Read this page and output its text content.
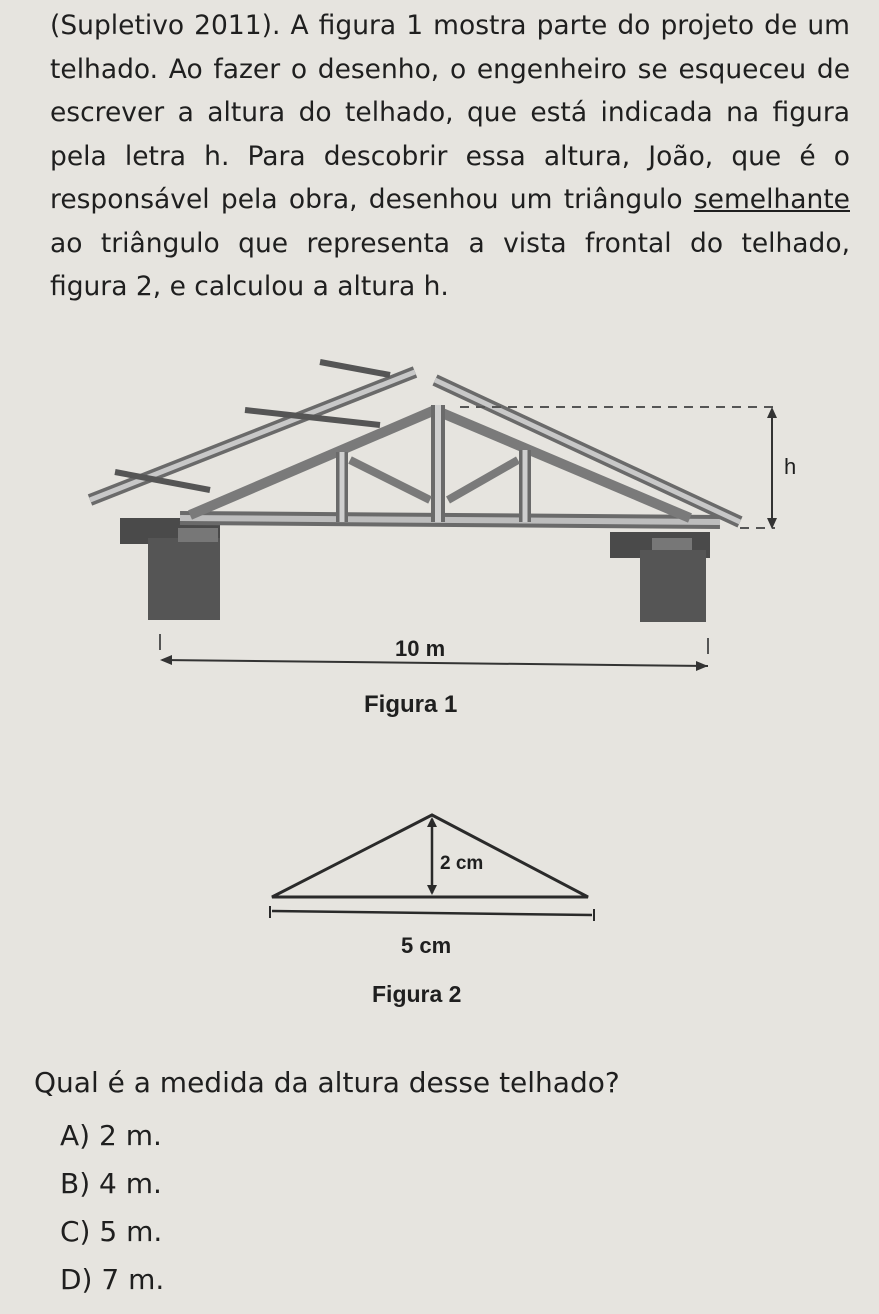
(Supletivo 2011). A figura 1 mostra parte do projeto de um telhado. Ao fazer o desenho, o engenheiro se esqueceu de escrever a altura do telhado, que está indicada na figura pela letra h. Para descobrir essa altura, João, que é o responsável pela obra, desenhou um triângulo semelhante ao triângulo que representa a vista frontal do telhado, figura 2, e calculou a altura h.

h
10 m
Figura 1
2 cm
5 cm
Figura 2

Qual é a medida da altura desse telhado?

A) 2 m.
B) 4 m.
C) 5 m.
D) 7 m.
